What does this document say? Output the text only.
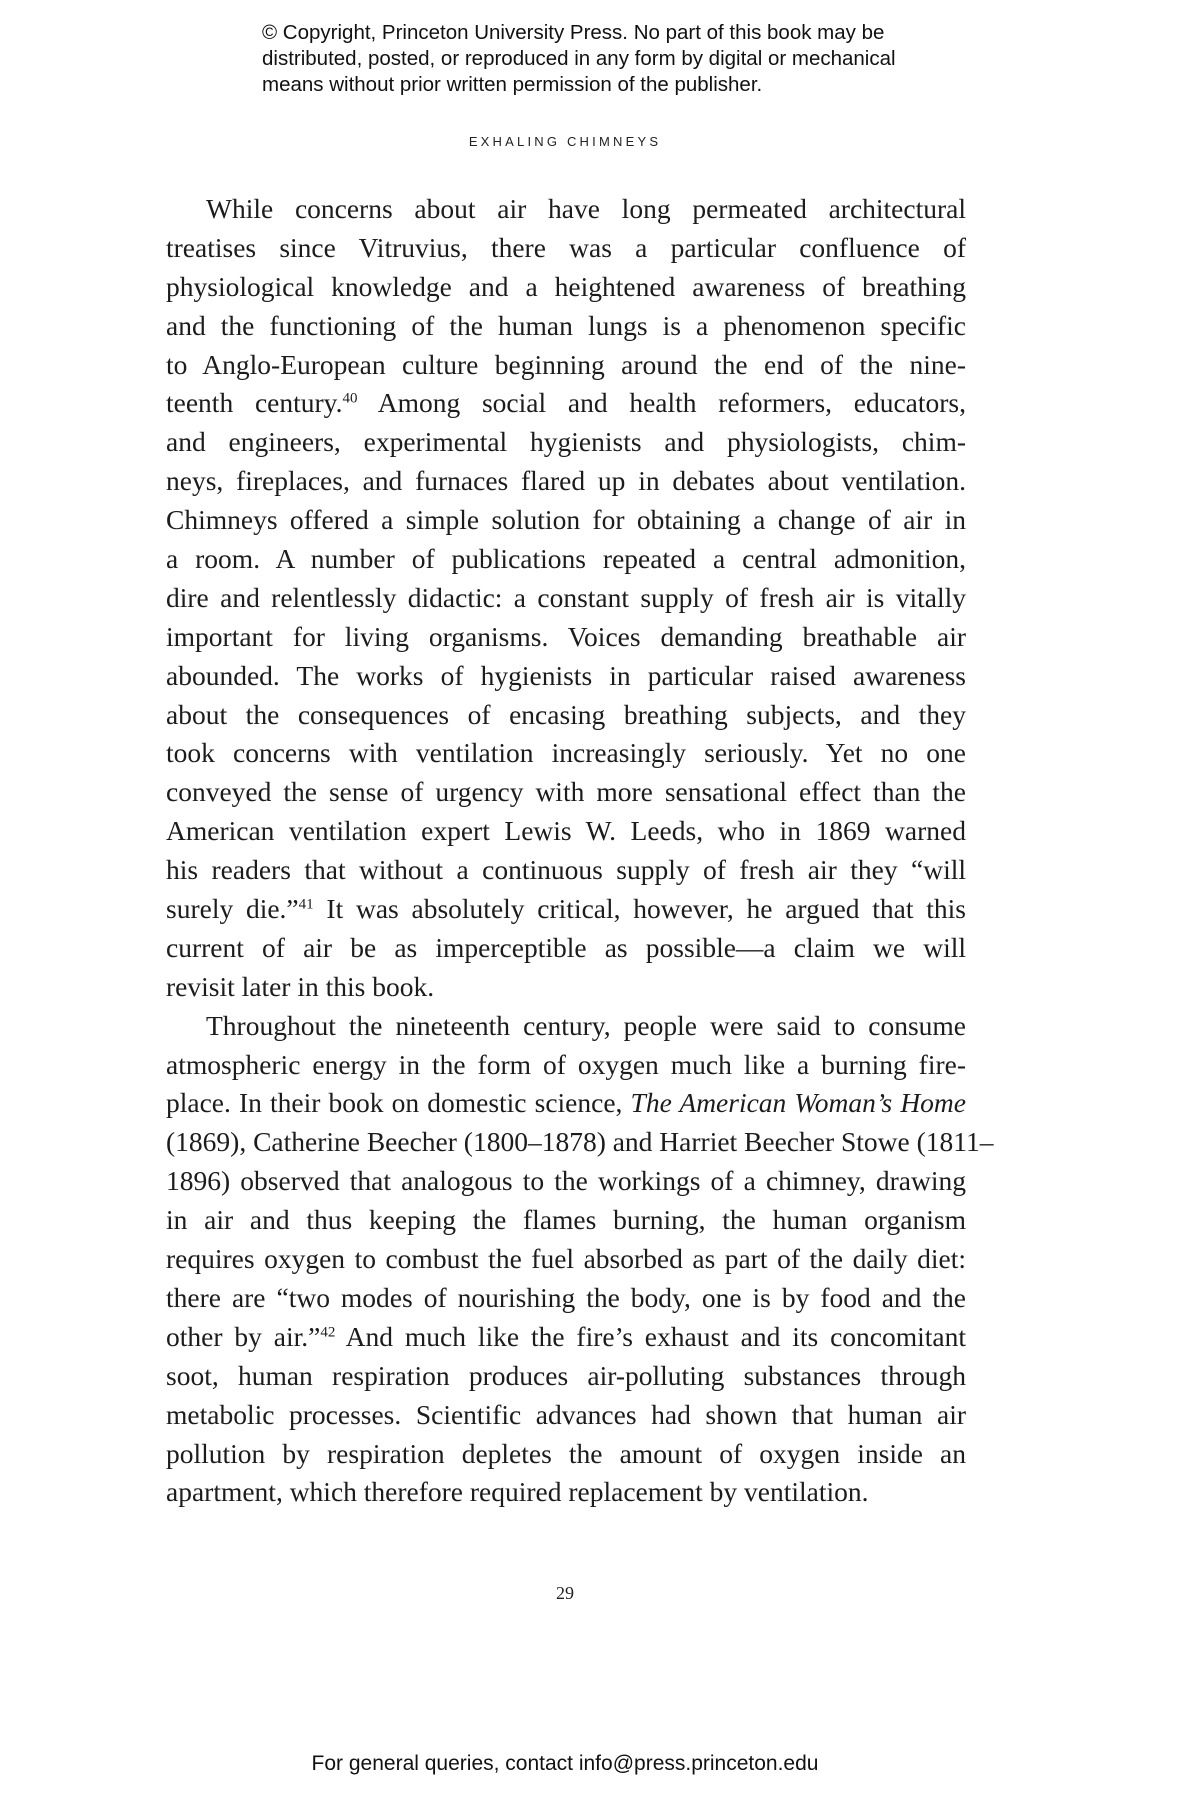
© Copyright, Princeton University Press. No part of this book may be
distributed, posted, or reproduced in any form by digital or mechanical
means without prior written permission of the publisher.
EXHALING CHIMNEYS
While concerns about air have long permeated architectural
treatises since Vitruvius, there was a particular confluence of
physiological knowledge and a heightened awareness of breathing
and the functioning of the human lungs is a phenomenon specific
to Anglo-European culture beginning around the end of the nine-
teenth century.$^{40}$ Among social and health reformers, educators,
and engineers, experimental hygienists and physiologists, chim-
neys, fireplaces, and furnaces flared up in debates about ventilation.
Chimneys offered a simple solution for obtaining a change of air in
a room. A number of publications repeated a central admonition,
dire and relentlessly didactic: a constant supply of fresh air is vitally
important for living organisms. Voices demanding breathable air
abounded. The works of hygienists in particular raised awareness
about the consequences of encasing breathing subjects, and they
took concerns with ventilation increasingly seriously. Yet no one
conveyed the sense of urgency with more sensational effect than the
American ventilation expert Lewis W. Leeds, who in 1869 warned
his readers that without a continuous supply of fresh air they “will
surely die.”$^{41}$ It was absolutely critical, however, he argued that this
current of air be as imperceptible as possible—a claim we will
revisit later in this book.
Throughout the nineteenth century, people were said to consume
atmospheric energy in the form of oxygen much like a burning fire-
place. In their book on domestic science, The American Woman’s Home
(1869), Catherine Beecher (1800–1878) and Harriet Beecher Stowe (1811–
1896) observed that analogous to the workings of a chimney, drawing
in air and thus keeping the flames burning, the human organism
requires oxygen to combust the fuel absorbed as part of the daily diet:
there are “two modes of nourishing the body, one is by food and the
other by air.”$^{42}$ And much like the fire’s exhaust and its concomitant
soot, human respiration produces air-polluting substances through
metabolic processes. Scientific advances had shown that human air
pollution by respiration depletes the amount of oxygen inside an
apartment, which therefore required replacement by ventilation.
29
For general queries, contact info@press.princeton.edu
